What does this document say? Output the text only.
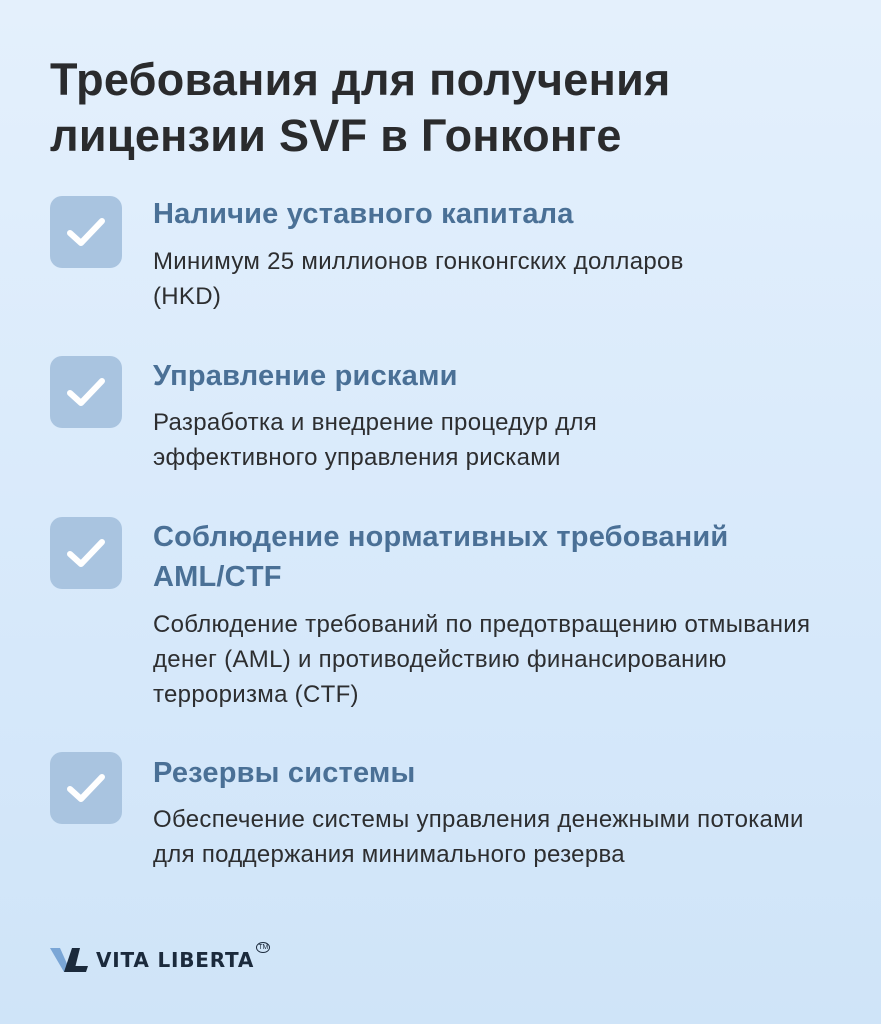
Требования для получения лицензии SVF в Гонконге
Наличие уставного капитала
Минимум 25 миллионов гонконгских долларов (HKD)
Управление рисками
Разработка и внедрение процедур для эффективного управления рисками
Соблюдение нормативных требований AML/CTF
Соблюдение требований по предотвращению отмывания денег (AML) и противодействию финансированию терроризма (CTF)
Резервы системы
Обеспечение системы управления денежными потоками для поддержания минимального резерва
VITA LIBERTA
TM
